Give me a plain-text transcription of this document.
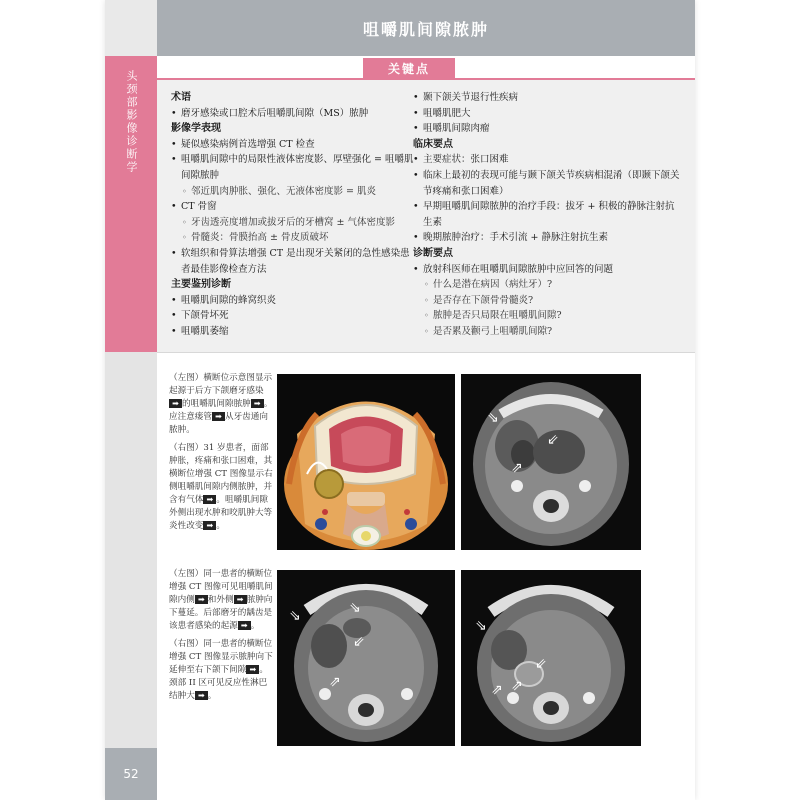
咀嚼肌间隙脓肿
头颈部影像诊断学
52
关键点
术语
• 磨牙感染或口腔术后咀嚼肌间隙（MS）脓肿
影像学表现
• 疑似感染病例首选增强 CT 检查
• 咀嚼肌间隙中的局限性液体密度影、厚壁强化 = 咀嚼肌间隙脓肿
◦ 邻近肌肉肿胀、强化、无液体密度影 = 肌炎
• CT 骨窗
◦ 牙齿透亮度增加或拔牙后的牙槽窝 ± 气体密度影
◦ 骨髓炎：骨膜抬高 ± 骨皮质破坏
• 软组织和骨算法增强 CT 是出现牙关紧闭的急性感染患者最佳影像检查方法
主要鉴别诊断
• 咀嚼肌间隙的蜂窝织炎
• 下颌骨坏死
• 咀嚼肌萎缩
• 颞下颌关节退行性疾病
• 咀嚼肌肥大
• 咀嚼肌间隙肉瘤
临床要点
• 主要症状：张口困难
• 临床上最初的表现可能与颞下颌关节疾病相混淆（即颞下颌关节疼痛和张口困难）
• 早期咀嚼肌间隙脓肿的治疗手段：拔牙 + 积极的静脉注射抗生素
• 晚期脓肿治疗：手术引流 + 静脉注射抗生素
诊断要点
• 放射科医师在咀嚼肌间隙脓肿中应回答的问题
◦ 什么是潜在病因（病灶牙）?
◦ 是否存在下颌骨骨髓炎?
◦ 脓肿是否只局限在咀嚼肌间隙?
◦ 是否累及颧弓上咀嚼肌间隙?

（左图）横断位示意图显示起源于后方下颌磨牙感染➡ 的咀嚼肌间隙脓肿 ➡ 。应注意瘘管 ➡ 从牙齿通向脓肿。

（右图）31 岁患者，面部肿胀，疼痛和张口困难，其横断位增强 CT 图像显示右侧咀嚼肌间隙内侧脓肿，并含有气体 ➡ 。咀嚼肌间隙外侧出现水肿和咬肌肿大等炎性改变 ➡ 。

⇘
⇙
⇗

（左图）同一患者的横断位增强 CT 图像可见咀嚼肌间隙内侧 ➡ 和外侧 ➡ 脓肿向下蔓延。后部磨牙的龋齿是该患者感染的起源 ➡ 。

（右图）同一患者的横断位增强 CT 图像显示脓肿向下延伸至右下颌下间隙 ➡ 。颈部 II 区可见反应性淋巴结肿大 ➡ 。

⇘	⇘
⇙
⇗
⇘
⇙
⇗ ⇗
